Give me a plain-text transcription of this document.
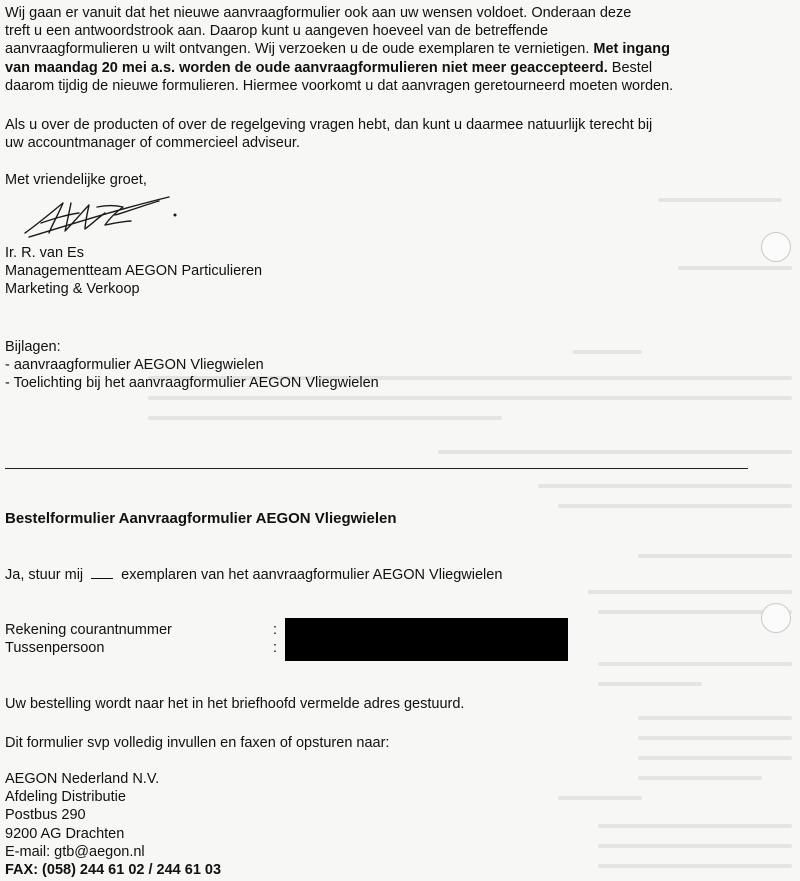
Wij gaan er vanuit dat het nieuwe aanvraagformulier ook aan uw wensen voldoet. Onderaan deze

treft u een antwoordstrook aan. Daarop kunt u aangeven hoeveel van de betreffende

aanvraagformulieren u wilt ontvangen. Wij verzoeken u de oude exemplaren te vernietigen. Met ingang

van maandag 20 mei a.s. worden de oude aanvraagformulieren niet meer geaccepteerd. Bestel

daarom tijdig de nieuwe formulieren. Hiermee voorkomt u dat aanvragen geretourneerd moeten worden.

Als u over de producten of over de regelgeving vragen hebt, dan kunt u daarmee natuurlijk terecht bij

uw accountmanager of commercieel adviseur.

Met vriendelijke groet,

Ir. R. van Es

Managementteam AEGON Particulieren

Marketing & Verkoop

Bijlagen:

- aanvraagformulier AEGON Vliegwielen

- Toelichting bij het aanvraagformulier AEGON Vliegwielen

Bestelformulier Aanvraagformulier AEGON Vliegwielen

Ja, stuur mij	exemplaren van het aanvraagformulier AEGON Vliegwielen

Rekening courantnummer	:
Tussenpersoon	:

Uw bestelling wordt naar het in het briefhoofd vermelde adres gestuurd.

Dit formulier svp volledig invullen en faxen of opsturen naar:

AEGON Nederland N.V.

Afdeling Distributie

Postbus 290

9200 AG Drachten

E-mail: gtb@aegon.nl

FAX: (058) 244 61 02 / 244 61 03
